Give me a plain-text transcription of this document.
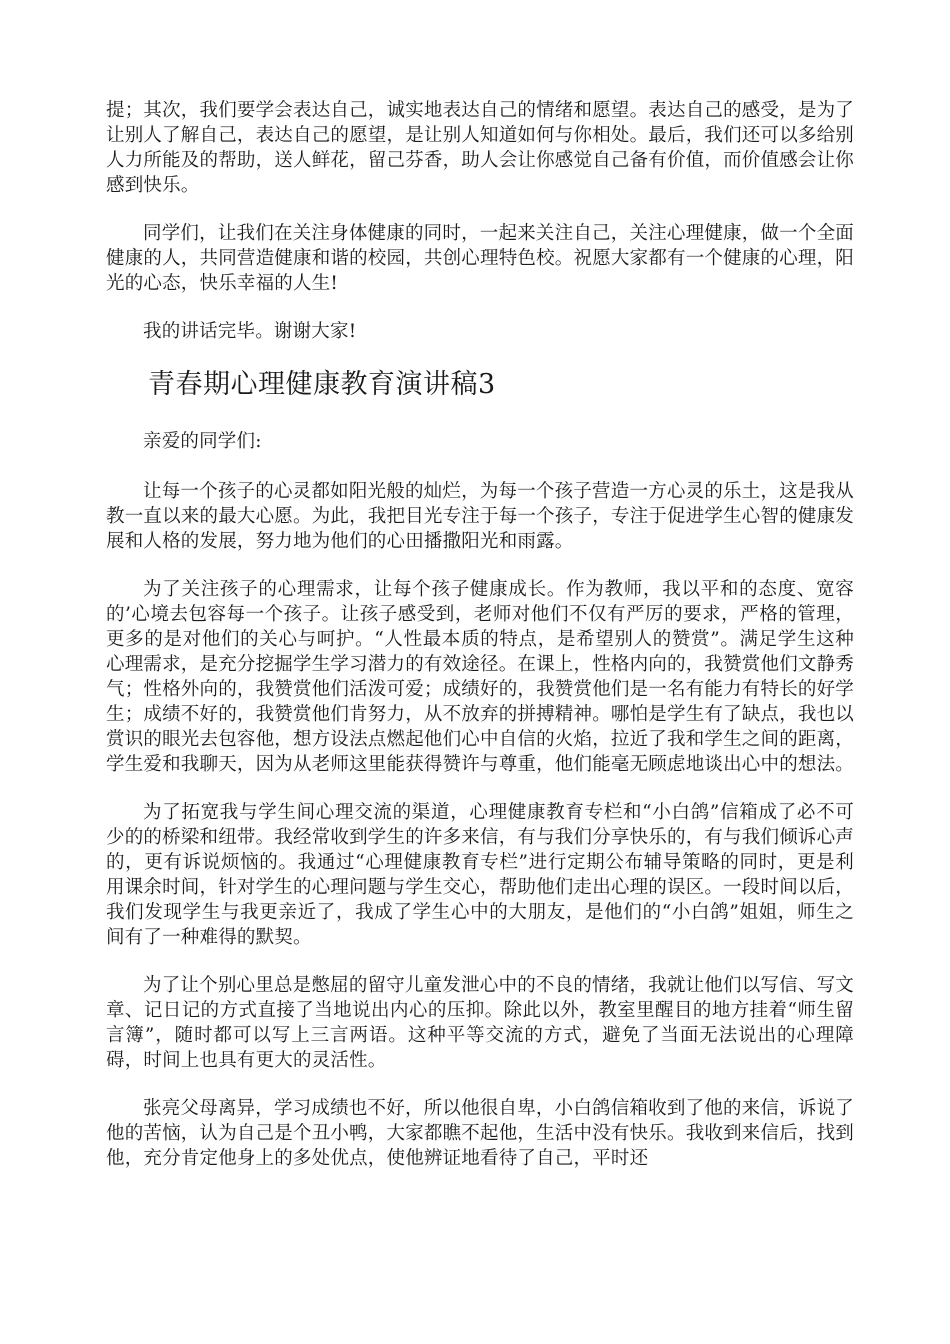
提；其次，我们要学会表达自己，诚实地表达自己的情绪和愿望。表达自己的感受，是为了让别人了解自己，表达自己的愿望，是让别人知道如何与你相处。最后，我们还可以多给别人力所能及的帮助，送人鲜花，留己芬香，助人会让你感觉自己备有价值，而价值感会让你感到快乐。

同学们，让我们在关注身体健康的同时，一起来关注自己，关注心理健康，做一个全面健康的人，共同营造健康和谐的校园，共创心理特色校。祝愿大家都有一个健康的心理，阳光的心态，快乐幸福的人生!

我的讲话完毕。谢谢大家!

青春期心理健康教育演讲稿3

亲爱的同学们:

让每一个孩子的心灵都如阳光般的灿烂，为每一个孩子营造一方心灵的乐土，这是我从教一直以来的最大心愿。为此，我把目光专注于每一个孩子，专注于促进学生心智的健康发展和人格的发展，努力地为他们的心田播撒阳光和雨露。

为了关注孩子的心理需求，让每个孩子健康成长。作为教师，我以平和的态度、宽容的’心境去包容每一个孩子。让孩子感受到，老师对他们不仅有严厉的要求，严格的管理，更多的是对他们的关心与呵护。“人性最本质的特点，是希望别人的赞赏”。满足学生这种心理需求，是充分挖掘学生学习潜力的有效途径。在课上，性格内向的，我赞赏他们文静秀气；性格外向的，我赞赏他们活泼可爱；成绩好的，我赞赏他们是一名有能力有特长的好学生；成绩不好的，我赞赏他们肯努力，从不放弃的拼搏精神。哪怕是学生有了缺点，我也以赏识的眼光去包容他，想方设法点燃起他们心中自信的火焰，拉近了我和学生之间的距离，学生爱和我聊天，因为从老师这里能获得赞许与尊重，他们能毫无顾虑地谈出心中的想法。

为了拓宽我与学生间心理交流的渠道，心理健康教育专栏和“小白鸽”信箱成了必不可少的的桥梁和纽带。我经常收到学生的许多来信，有与我们分享快乐的，有与我们倾诉心声的，更有诉说烦恼的。我通过“心理健康教育专栏”进行定期公布辅导策略的同时，更是利用课余时间，针对学生的心理问题与学生交心，帮助他们走出心理的误区。一段时间以后，我们发现学生与我更亲近了，我成了学生心中的大朋友，是他们的“小白鸽”姐姐，师生之间有了一种难得的默契。

为了让个别心里总是憋屈的留守儿童发泄心中的不良的情绪，我就让他们以写信、写文章、记日记的方式直接了当地说出内心的压抑。除此以外，教室里醒目的地方挂着“师生留言簿”，随时都可以写上三言两语。这种平等交流的方式，避免了当面无法说出的心理障碍，时间上也具有更大的灵活性。

张亮父母离异，学习成绩也不好，所以他很自卑，小白鸽信箱收到了他的来信，诉说了他的苦恼，认为自己是个丑小鸭，大家都瞧不起他，生活中没有快乐。我收到来信后，找到他，充分肯定他身上的多处优点，使他辨证地看待了自己，平时还
